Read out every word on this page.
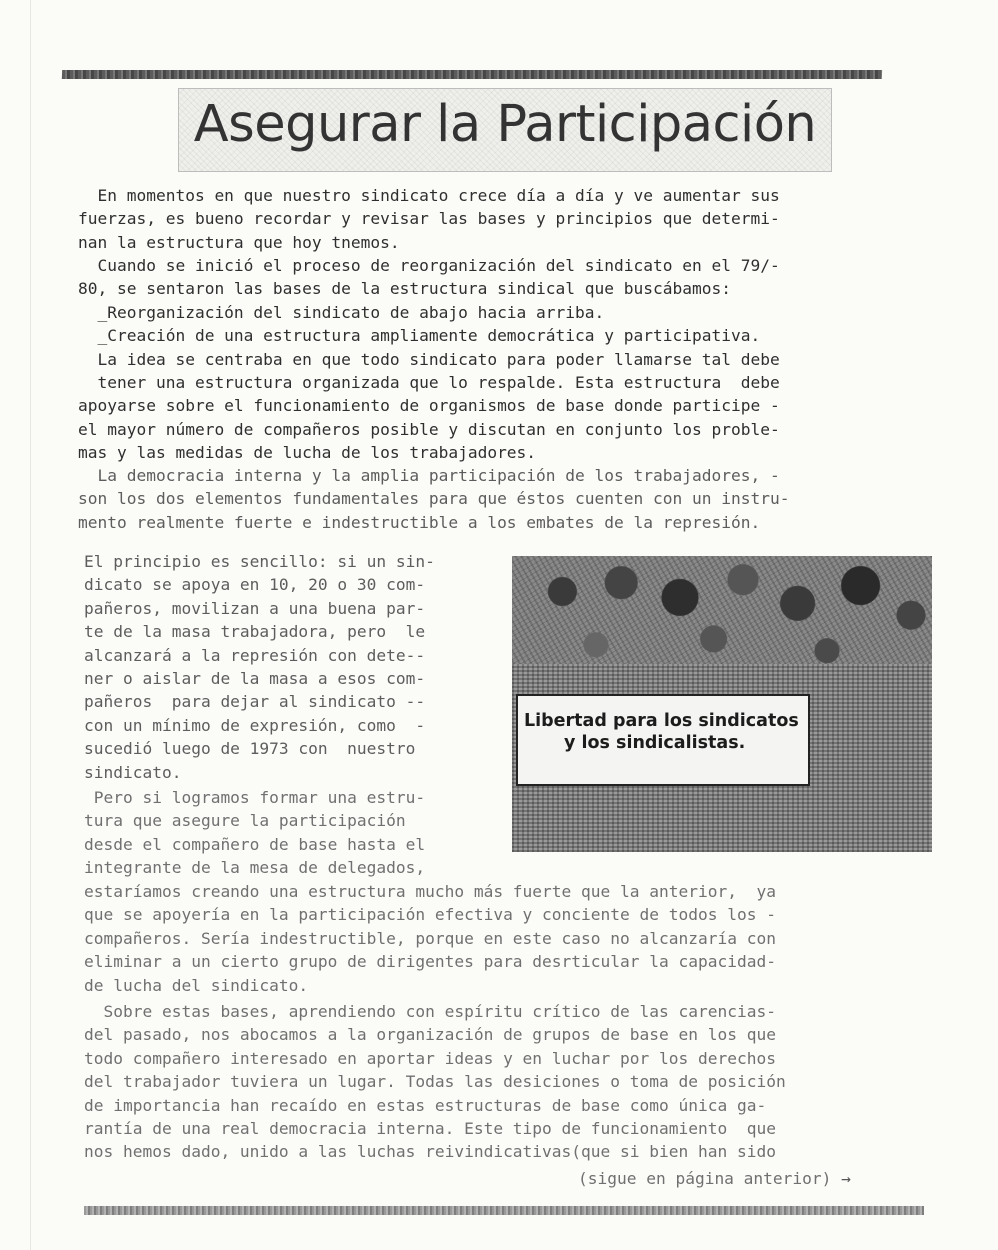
Asegurar la Participación
En momentos en que nuestro sindicato crece día a día y ve aumentar sus
fuerzas, es bueno recordar y revisar las bases y principios que determi-
nan la estructura que hoy tnemos.
Cuando se inició el proceso de reorganización del sindicato en el 79/-
80, se sentaron las bases de la estructura sindical que buscábamos:
_Reorganización del sindicato de abajo hacia arriba.
_Creación de una estructura ampliamente democrática y participativa.
La idea se centraba en que todo sindicato para poder llamarse tal debe
tener una estructura organizada que lo respalde. Esta estructura  debe
apoyarse sobre el funcionamiento de organismos de base donde participe -
el mayor número de compañeros posible y discutan en conjunto los proble-
mas y las medidas de lucha de los trabajadores.
La democracia interna y la amplia participación de los trabajadores, -
son los dos elementos fundamentales para que éstos cuenten con un instru-
mento realmente fuerte e indestructible a los embates de la represión.
El principio es sencillo: si un sin-
dicato se apoya en 10, 20 o 30 com-
pañeros, movilizan a una buena par-
te de la masa trabajadora, pero  le
alcanzará a la represión con dete--
ner o aislar de la masa a esos com-
pañeros  para dejar al sindicato --
con un mínimo de expresión, como  -
sucedió luego de 1973 con  nuestro
sindicato.
Pero si logramos formar una estru-
tura que asegure la participación
desde el compañero de base hasta el
integrante de la mesa de delegados,
Libertad para los sindicatos
y los sindicalistas.
estaríamos creando una estructura mucho más fuerte que la anterior,  ya
que se apoyería en la participación efectiva y conciente de todos los -
compañeros. Sería indestructible, porque en este caso no alcanzaría con
eliminar a un cierto grupo de dirigentes para desrticular la capacidad-
de lucha del sindicato.
Sobre estas bases, aprendiendo con espíritu crítico de las carencias-
del pasado, nos abocamos a la organización de grupos de base en los que
todo compañero interesado en aportar ideas y en luchar por los derechos
del trabajador tuviera un lugar. Todas las desiciones o toma de posición
de importancia han recaído en estas estructuras de base como única ga-
rantía de una real democracia interna. Este tipo de funcionamiento  que
nos hemos dado, unido a las luchas reivindicativas(que si bien han sido
(sigue en página anterior) →
